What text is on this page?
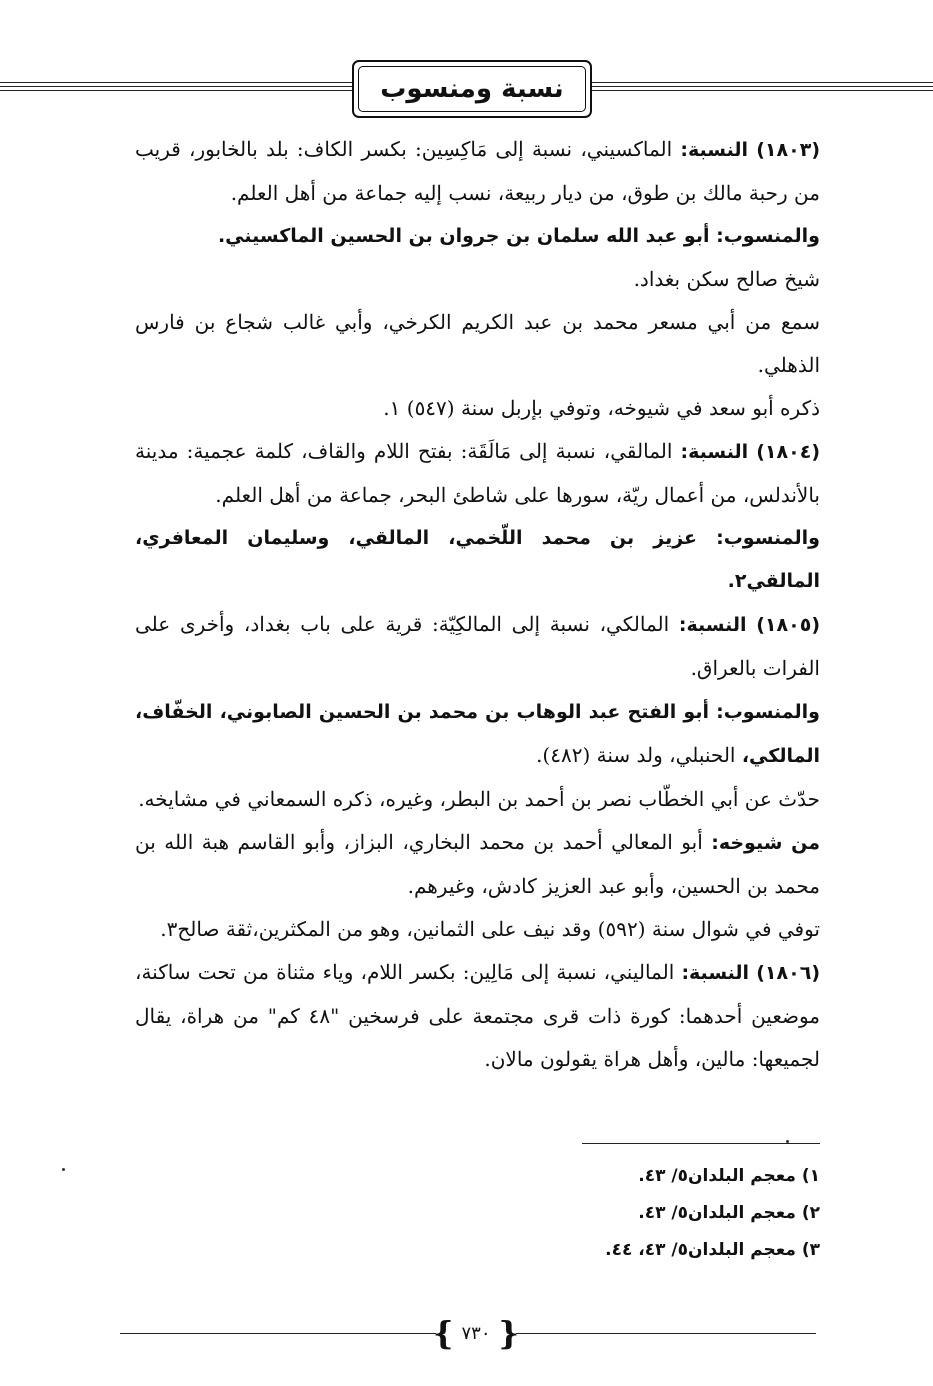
نسبة ومنسوب

(١٨٠٣) النسبة: الماكسيني، نسبة إلى مَاكِسِين: بكسر الكاف: بلد بالخابور، قريب من رحبة مالك بن طوق، من ديار ربيعة، نسب إليه جماعة من أهل العلم.

والمنسوب: أبو عبد الله سلمان بن جروان بن الحسين الماكسيني.

شيخ صالح سكن بغداد.

سمع من أبي مسعر محمد بن عبد الكريم الكرخي، وأبي غالب شجاع بن فارس الذهلي.

ذكره أبو سعد في شيوخه، وتوفي بإربل سنة (٥٤٧) ١.

(١٨٠٤) النسبة: المالقي، نسبة إلى مَالَقَة: بفتح اللام والقاف، كلمة عجمية: مدينة بالأندلس، من أعمال ريّة، سورها على شاطئ البحر، جماعة من أهل العلم.

والمنسوب: عزيز بن محمد اللّخمي، المالقي، وسليمان المعافري، المالقي٢.

(١٨٠٥) النسبة: المالكي، نسبة إلى المالكِيّة: قرية على باب بغداد، وأخرى على الفرات بالعراق.

والمنسوب: أبو الفتح عبد الوهاب بن محمد بن الحسين الصابوني، الخفّاف، المالكي، الحنبلي، ولد سنة (٤٨٢).

حدّث عن أبي الخطّاب نصر بن أحمد بن البطر، وغيره، ذكره السمعاني في مشايخه.

من شيوخه: أبو المعالي أحمد بن محمد البخاري، البزاز، وأبو القاسم هبة الله بن محمد بن الحسين، وأبو عبد العزيز كادش، وغيرهم.

توفي في شوال سنة (٥٩٢) وقد نيف على الثمانين، وهو من المكثرين،ثقة صالح٣.

(١٨٠٦) النسبة: الماليني، نسبة إلى مَالِين: بكسر اللام، وياء مثناة من تحت ساكنة، موضعين أحدهما: كورة ذات قرى مجتمعة على فرسخين "٤٨ كم" من هراة، يقال لجميعها: مالين، وأهل هراة يقولون مالان.

١) معجم البلدان٥/ ٤٣.

٢) معجم البلدان٥/ ٤٣.

٣) معجم البلدان٥/ ٤٣، ٤٤.

{
٧٣٠
}
